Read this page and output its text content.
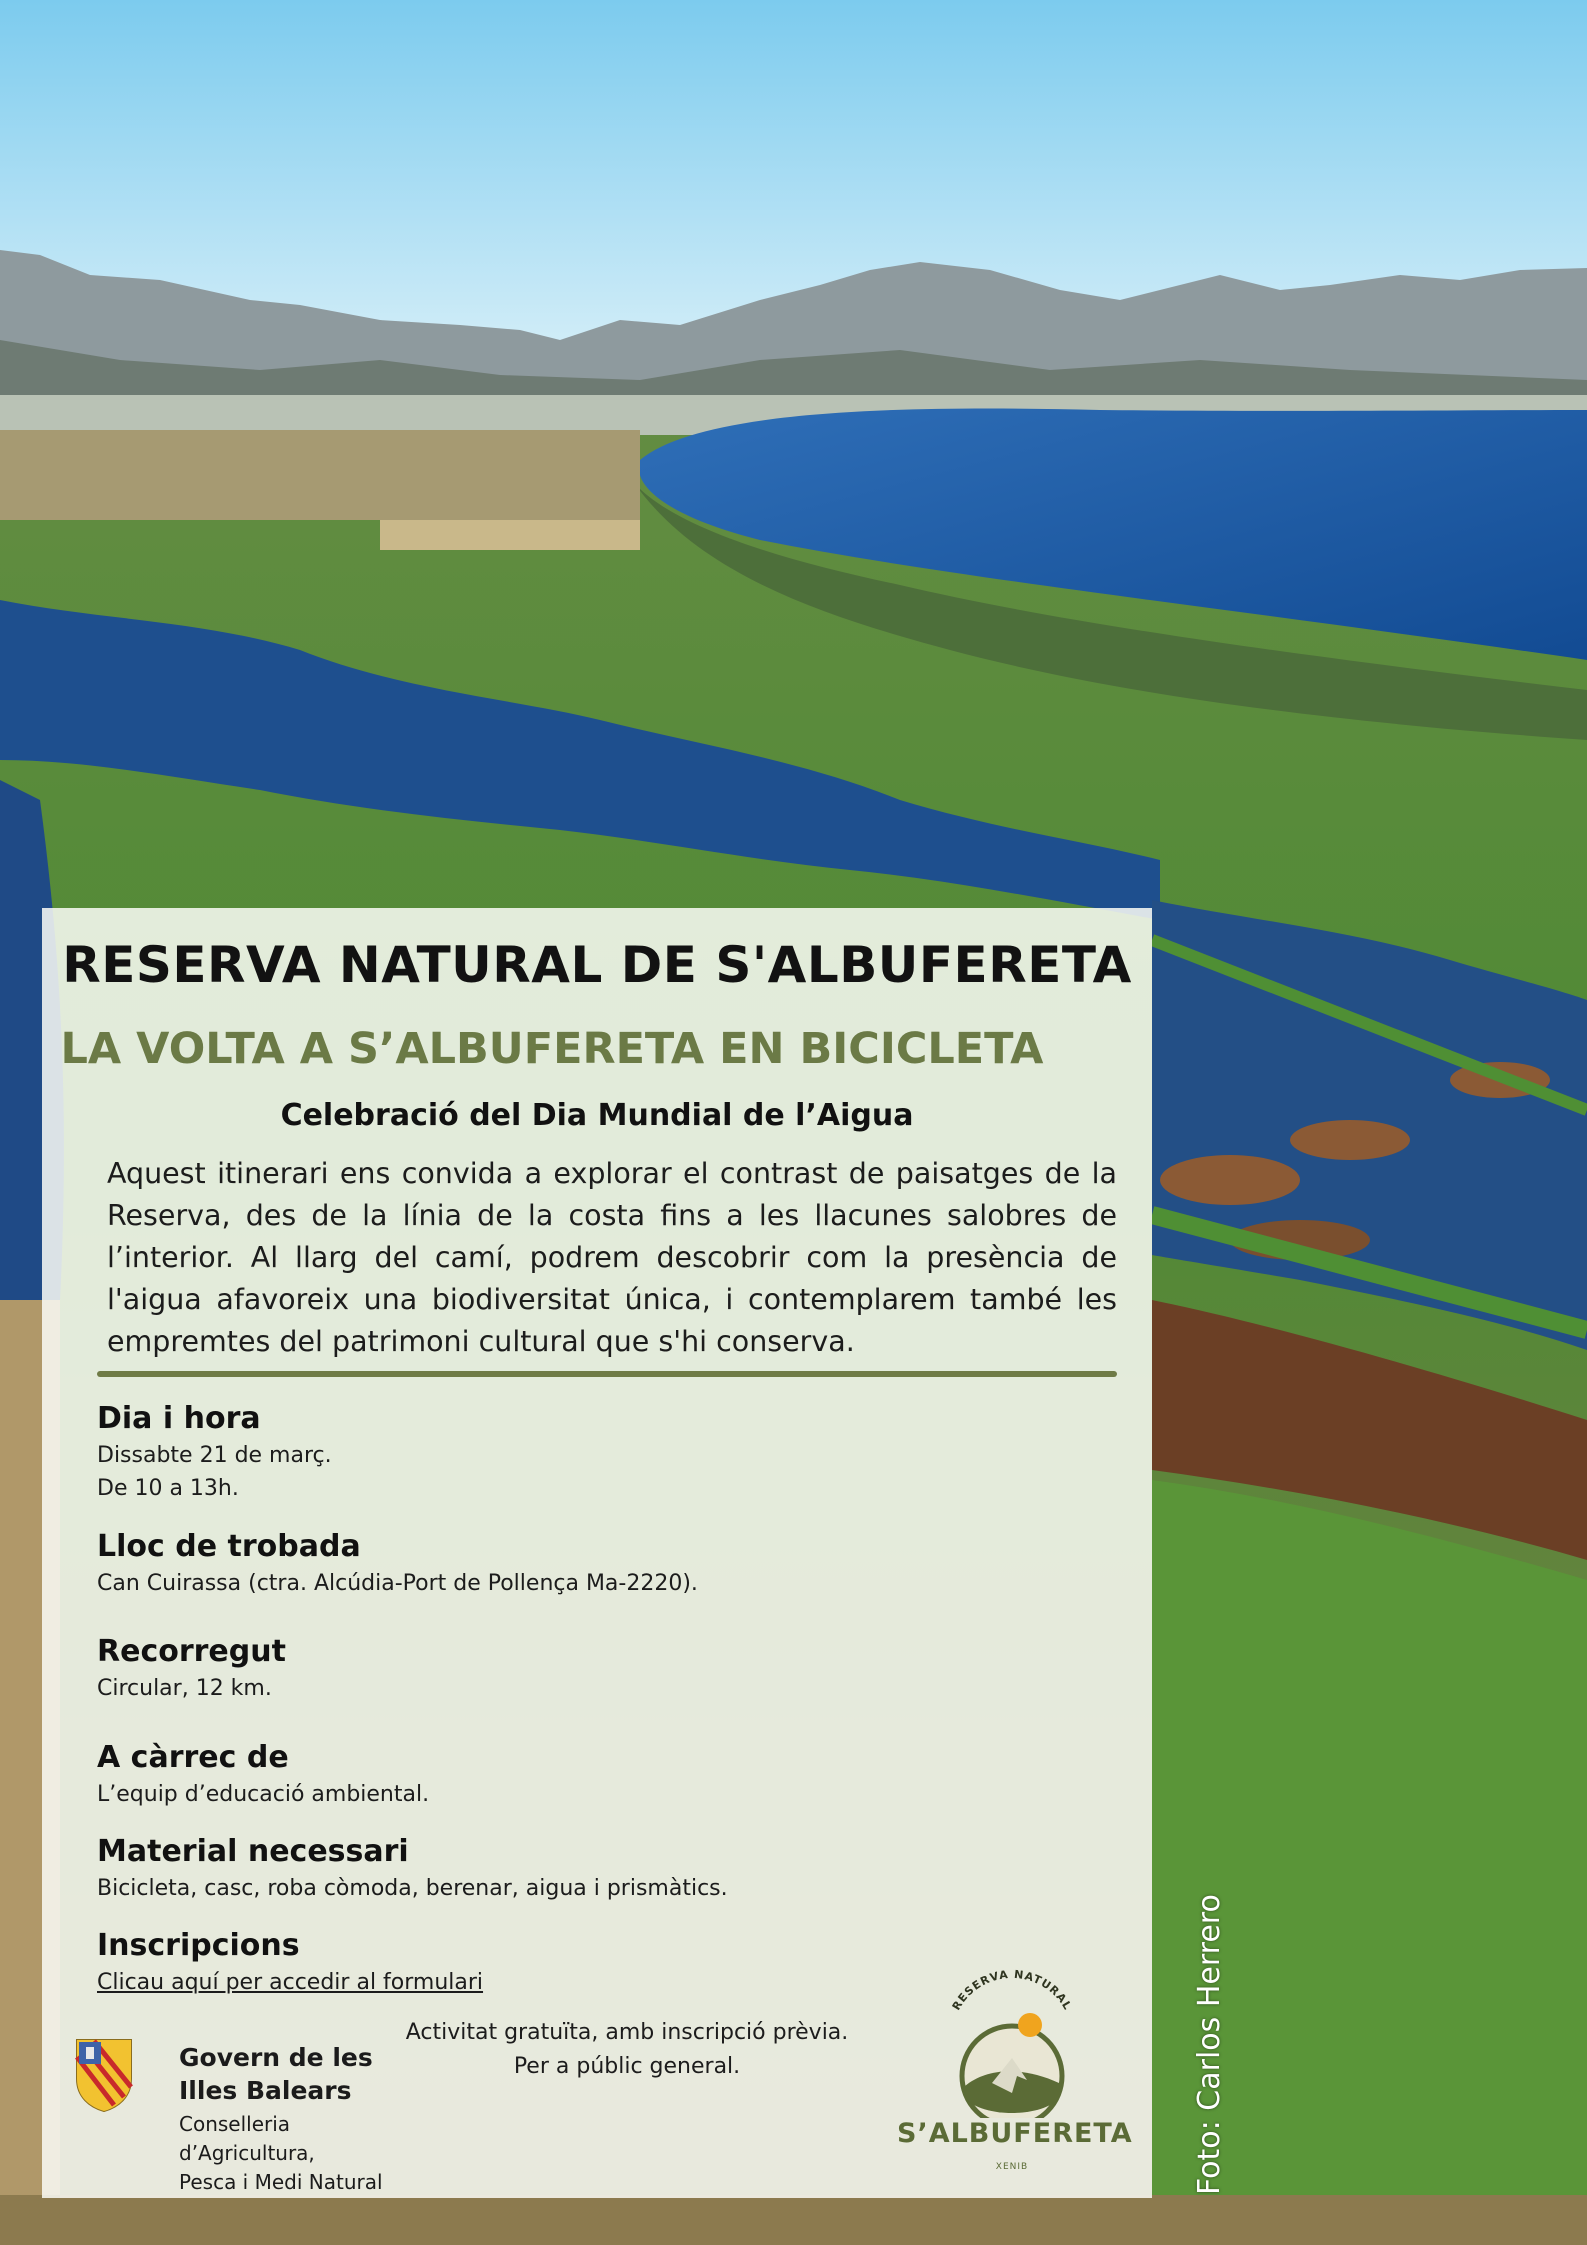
RESERVA NATURAL DE S'ALBUFERETA
LA VOLTA A S’ALBUFERETA EN BICICLETA
Celebració del Dia Mundial de l’Aigua
Aquest itinerari ens convida a explorar el contrast de paisatges de la Reserva, des de la línia de la costa fins a les llacunes salobres de l’interior. Al llarg del camí, podrem descobrir com la presència de l'aigua afavoreix una biodiversitat única, i contemplarem també les empremtes del patrimoni cultural que s'hi conserva.
Dia i hora

Dissabte 21 de març.

De 10 a 13h.

Lloc de trobada

Can Cuirassa (ctra. Alcúdia-Port de Pollença Ma-2220).

Recorregut

Circular, 12 km.

A càrrec de

L’equip d’educació ambiental.

Material necessari

Bicicleta, casc, roba còmoda, berenar, aigua i prismàtics.

Inscripcions
Clicau aquí per accedir al formulari
Activitat gratuïta, amb inscripció prèvia.
Per a públic general.
Govern de les
Illes Balears
Conselleria d’Agricultura,
Pesca i Medi Natural
RESERVA NATURAL
S’ALBUFERETA
XENIB	Foto: Carlos Herrero
